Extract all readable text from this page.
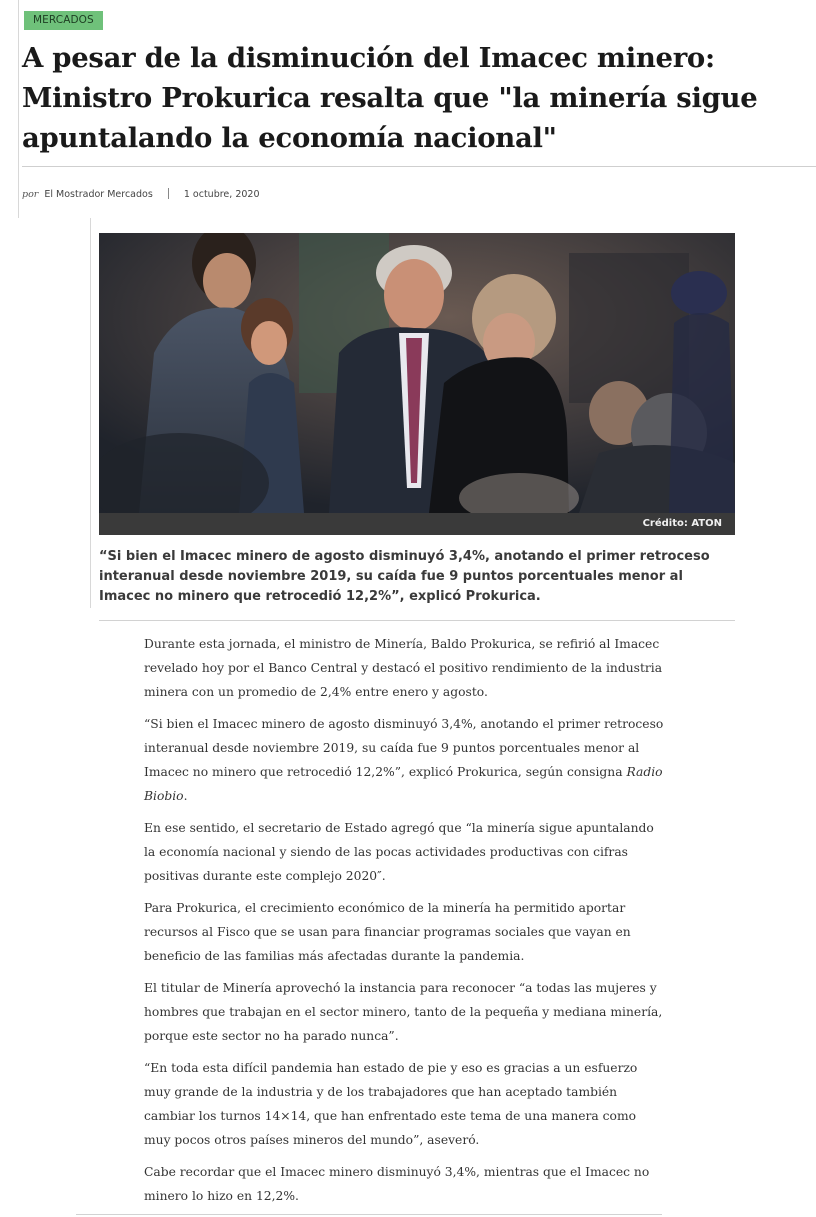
MERCADOS
A pesar de la disminución del Imacec minero: Ministro Prokurica resalta que "la minería sigue apuntalando la economía nacional"
por El Mostrador Mercados	1 octubre, 2020
Crédito: ATON

“Si bien el Imacec minero de agosto disminuyó 3,4%, anotando el primer retroceso interanual desde noviembre 2019, su caída fue 9 puntos porcentuales menor al Imacec no minero que retrocedió 12,2%”, explicó Prokurica.

Durante esta jornada, el ministro de Minería, Baldo Prokurica, se refirió al Imacec revelado hoy por el Banco Central y destacó el positivo rendimiento de la industria minera con un promedio de 2,4% entre enero y agosto.

“Si bien el Imacec minero de agosto disminuyó 3,4%, anotando el primer retroceso interanual desde noviembre 2019, su caída fue 9 puntos porcentuales menor al Imacec no minero que retrocedió 12,2%”, explicó Prokurica, según consigna Radio Biobio.

En ese sentido, el secretario de Estado agregó que “la minería sigue apuntalando la economía nacional y siendo de las pocas actividades productivas con cifras positivas durante este complejo 2020″.

Para Prokurica, el crecimiento económico de la minería ha permitido aportar recursos al Fisco que se usan para financiar programas sociales que vayan en beneficio de las familias más afectadas durante la pandemia.

El titular de Minería aprovechó la instancia para reconocer “a todas las mujeres y hombres que trabajan en el sector minero, tanto de la pequeña y mediana minería, porque este sector no ha parado nunca”.

“En toda esta difícil pandemia han estado de pie y eso es gracias a un esfuerzo muy grande de la industria y de los trabajadores que han aceptado también cambiar los turnos 14×14, que han enfrentado este tema de una manera como muy pocos otros países mineros del mundo”, aseveró.

Cabe recordar que el Imacec minero disminuyó 3,4%, mientras que el Imacec no minero lo hizo en 12,2%.
